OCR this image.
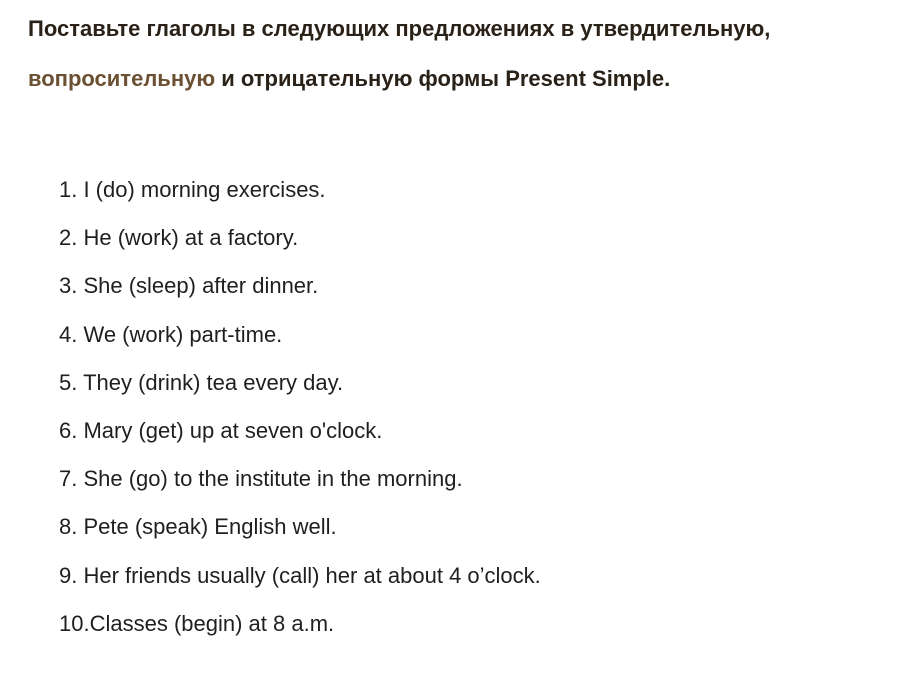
Поставьте глаголы в следующих предложениях в утвердительную, вопросительную и отрицательную формы Present Simple.

1. I (do) morning exercises.
2. He (work) at a factory.
3. She (sleep) after dinner.
4. We (work) part-time.
5. They (drink) tea every day.
6. Mary (get) up at seven o'clock.
7. She (go) to the institute in the morning.
8. Pete (speak) English well.
9. Her friends usually (call) her at about 4 o’clock.
10.Classes (begin) at 8 a.m.
